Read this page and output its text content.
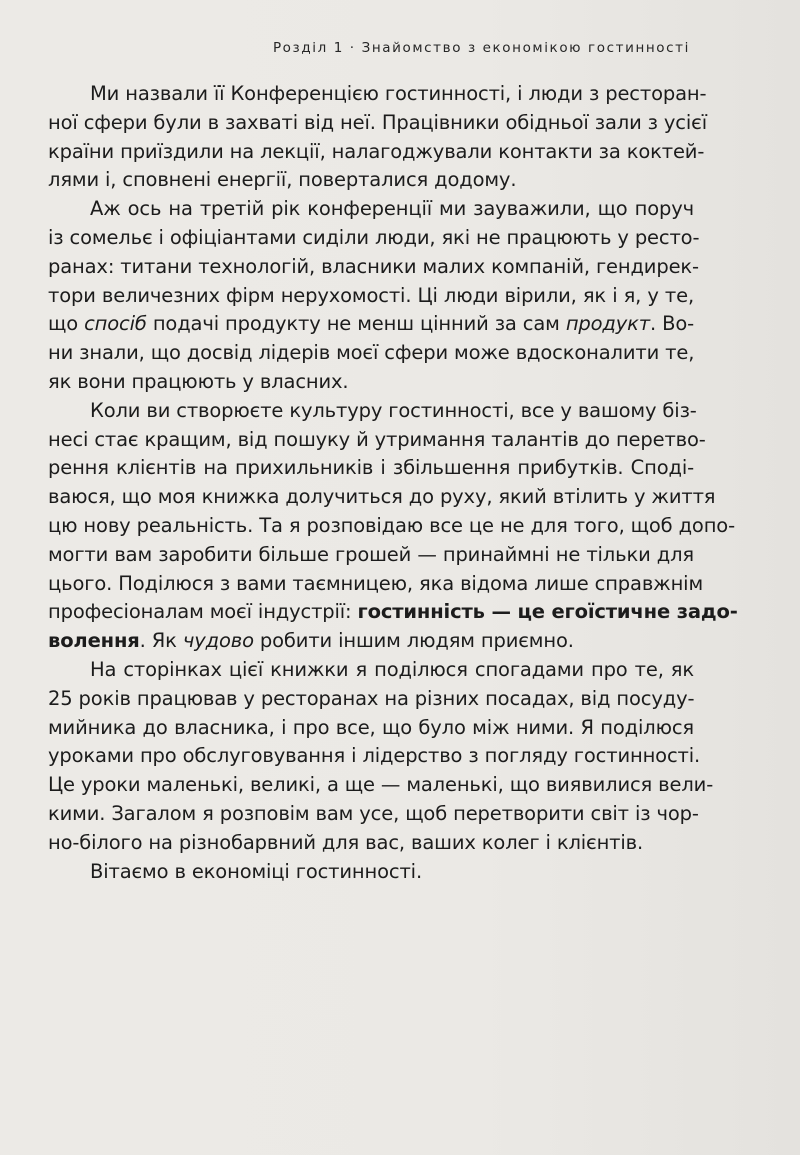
Розділ 1 · Знайомство з економікою гостинності
Ми назвали її Конференцією гостинності, і люди з ресторан-
ної сфери були в захваті від неї. Працівники обідньої зали з усієї
країни приїздили на лекції, налагоджували контакти за коктей-
лями і, сповнені енергії, поверталися додому.
Аж ось на третій рік конференції ми зауважили, що поруч
із сомельє і офіціантами сиділи люди, які не працюють у ресто-
ранах: титани технологій, власники малих компаній, гендирек-
тори величезних фірм нерухомості. Ці люди вірили, як і я, у те,
що спосіб подачі продукту не менш цінний за сам продукт. Во-
ни знали, що досвід лідерів моєї сфери може вдосконалити те,
як вони працюють у власних.
Коли ви створюєте культуру гостинності, все у вашому біз-
несі стає кращим, від пошуку й утримання талантів до перетво-
рення клієнтів на прихильників і збільшення прибутків. Споді-
ваюся, що моя книжка долучиться до руху, який втілить у життя
цю нову реальність. Та я розповідаю все це не для того, щоб допо-
могти вам заробити більше грошей — принаймні не тільки для
цього. Поділюся з вами таємницею, яка відома лише справжнім
професіоналам моєї індустрії: гостинність — це егоїстичне задо-
волення. Як чудово робити іншим людям приємно.
На сторінках цієї книжки я поділюся спогадами про те, як
25 років працював у ресторанах на різних посадах, від посуду-
мийника до власника, і про все, що було між ними. Я поділюся
уроками про обслуговування і лідерство з погляду гостинності.
Це уроки маленькі, великі, а ще — маленькі, що виявилися вели-
кими. Загалом я розповім вам усе, щоб перетворити світ із чор-
но-білого на різнобарвний для вас, ваших колег і клієнтів.
Вітаємо в економіці гостинності.
